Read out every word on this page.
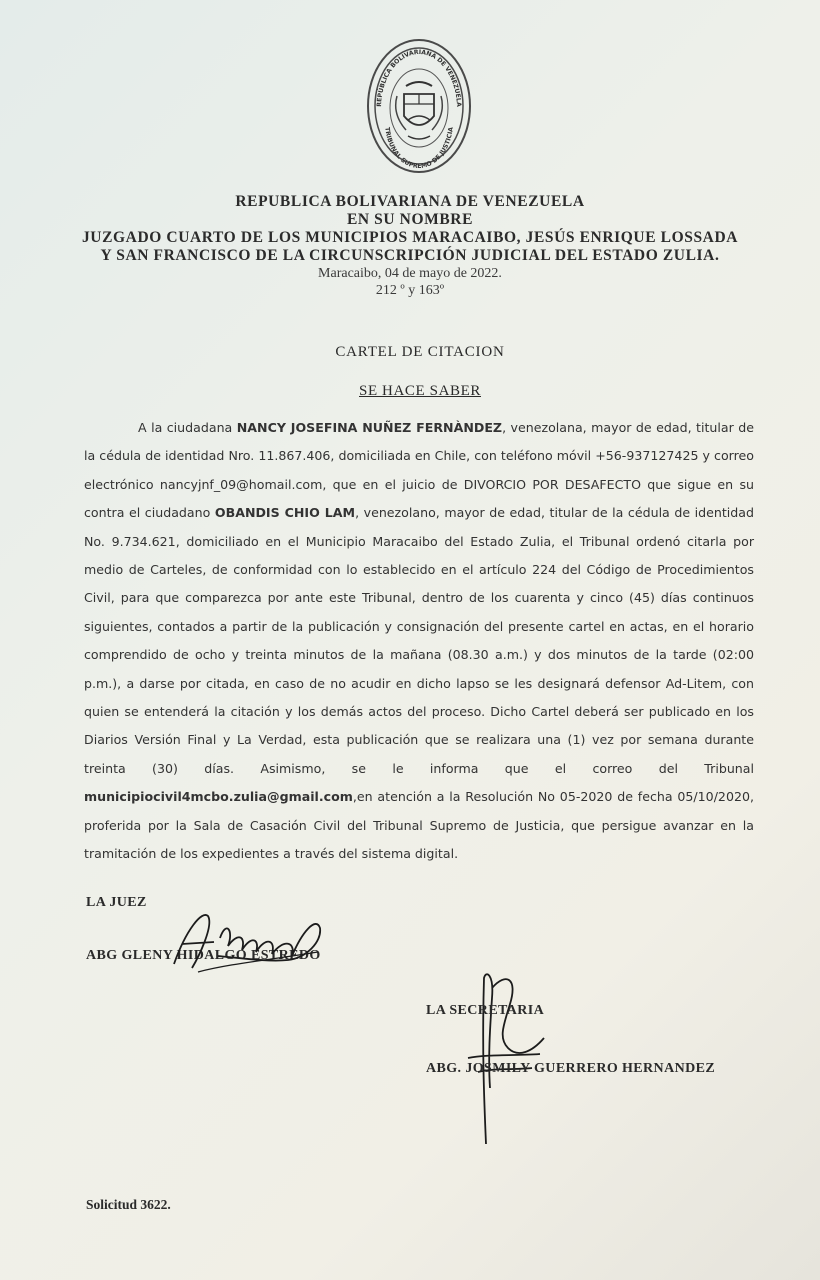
REPÚBLICA BOLIVARIANA DE VENEZUELA
TRIBUNAL SUPREMO DE JUSTICIA
REPUBLICA BOLIVARIANA DE VENEZUELA
EN SU NOMBRE
JUZGADO CUARTO DE LOS MUNICIPIOS MARACAIBO, JESÚS ENRIQUE LOSSADA
Y SAN FRANCISCO DE LA CIRCUNSCRIPCIÓN JUDICIAL DEL ESTADO ZULIA.
Maracaibo, 04 de mayo de 2022.
212 º y 163º
CARTEL DE CITACION
SE HACE SABER
A la ciudadana NANCY JOSEFINA NUÑEZ FERNÀNDEZ, venezolana, mayor de edad, titular de la cédula de identidad Nro. 11.867.406, domiciliada en Chile, con teléfono móvil +56-937127425 y correo electrónico nancyjnf_09@homail.com, que en el juicio de DIVORCIO POR DESAFECTO que sigue en su contra el ciudadano OBANDIS CHIO LAM, venezolano, mayor de edad, titular de la cédula de identidad No. 9.734.621, domiciliado en el Municipio Maracaibo del Estado Zulia, el Tribunal ordenó citarla por medio de Carteles, de conformidad con lo establecido en el artículo 224 del Código de Procedimientos Civil, para que comparezca por ante este Tribunal, dentro de los cuarenta y cinco (45) días continuos siguientes, contados a partir de la publicación y consignación del presente cartel en actas, en el horario comprendido de ocho y treinta minutos de la mañana (08.30 a.m.) y dos minutos de la tarde (02:00 p.m.), a darse por citada, en caso de no acudir en dicho lapso se les designará defensor Ad-Litem, con quien se entenderá la citación y los demás actos del proceso. Dicho Cartel deberá ser publicado en los Diarios Versión Final y La Verdad, esta publicación que se realizara una (1) vez por semana durante treinta (30) días. Asimismo, se le informa que el correo del Tribunal municipiocivil4mcbo.zulia@gmail.com,en atención a la Resolución No 05-2020 de fecha 05/10/2020, proferida por la Sala de Casación Civil del Tribunal Supremo de Justicia, que persigue avanzar en la tramitación de los expedientes a través del sistema digital.
LA JUEZ
ABG GLENY HIDALGO ESTREDO
LA SECRETARIA
ABG. JOSMILY GUERRERO HERNANDEZ
Solicitud 3622.
